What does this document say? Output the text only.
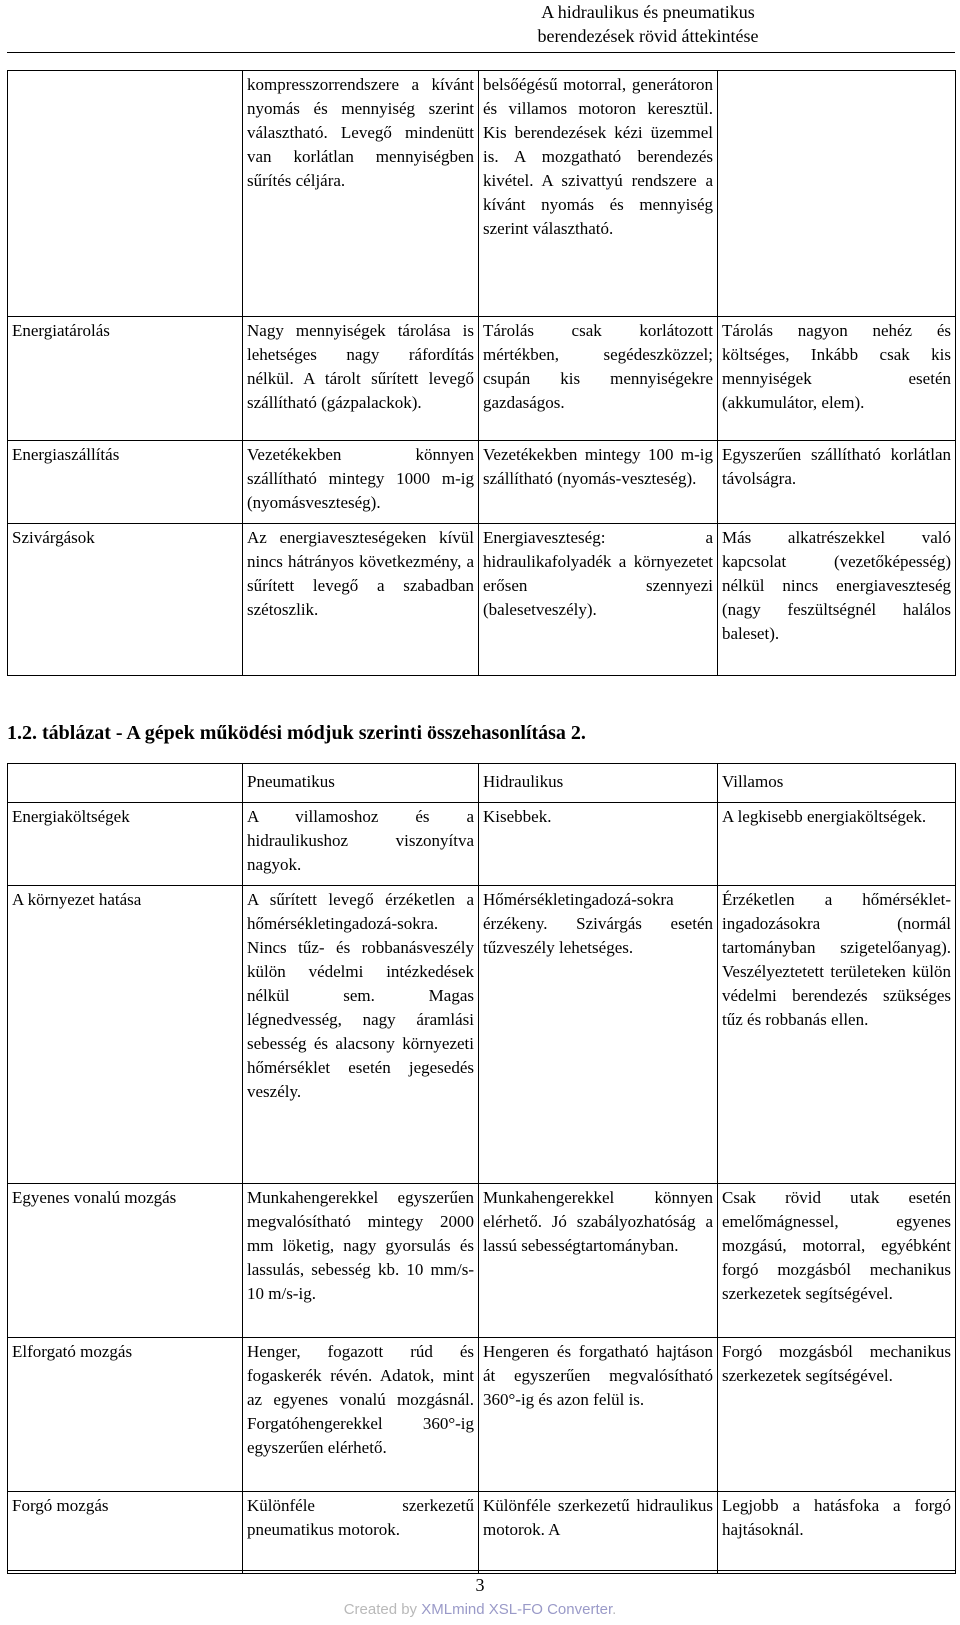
A hidraulikus és pneumatikus
berendezések rövid áttekintése
	kompresszorrendszere a kívánt nyomás és mennyiség szerint választható. Levegő mindenütt van korlátlan mennyiségben sűrítés céljára.	belsőégésű motorral, generátoron és villamos motoron keresztül. Kis berendezések kézi üzemmel is. A mozgatható berendezés kivétel. A szivattyú rendszere a kívánt nyomás és mennyiség szerint választható.	
Energiatárolás	Nagy mennyiségek tárolása is lehetséges nagy ráfordítás nélkül. A tárolt sűrített levegő szállítható (gázpalackok).	Tárolás csak korlátozott mértékben, segédeszközzel; csupán kis mennyiségekre gazdaságos.	Tárolás nagyon nehéz és költséges, Inkább csak kis mennyiségek esetén (akkumulátor, elem).
Energiaszállítás	Vezetékekben könnyen szállítható mintegy 1000 m-ig (nyomásveszteség).	Vezetékekben mintegy 100 m-ig szállítható (nyomás-veszteség).	Egyszerűen szállítható korlátlan távolságra.
Szivárgások	Az energiaveszteségeken kívül nincs hátrányos következmény, a sűrített levegő a szabadban szétoszlik.	Energiaveszteség: a hidraulikafolyadék a környezetet erősen szennyezi (balesetveszély).	Más alkatrészekkel való kapcsolat (vezetőképesség) nélkül nincs energiaveszteség (nagy feszültségnél halálos baleset).
1.2. táblázat - A gépek működési módjuk szerinti összehasonlítása 2.
	Pneumatikus	Hidraulikus	Villamos
Energiaköltségek	A villamoshoz és a hidraulikushoz viszonyítva nagyok.	Kisebbek.	A legkisebb energiaköltségek.
A környezet hatása	A sűrített levegő érzéketlen a hőmérsékletingadozá-sokra. Nincs tűz- és robbanásveszély külön védelmi intézkedések nélkül sem. Magas légnedvesség, nagy áramlási sebesség és alacsony környezeti hőmérséklet esetén jegesedés veszély.	Hőmérsékletingadozá-sokra érzékeny. Szivárgás esetén tűzveszély lehetséges.	Érzéketlen a hőmérséklet-ingadozásokra (normál tartományban szigetelőanyag). Veszélyeztetett területeken külön védelmi berendezés szükséges tűz és robbanás ellen.
Egyenes vonalú mozgás	Munkahengerekkel egyszerűen megvalósítható mintegy 2000 mm löketig, nagy gyorsulás és lassulás, sebesség kb. 10 mm/s- 10 m/s-ig.	Munkahengerekkel könnyen elérhető. Jó szabályozhatóság a lassú sebességtartományban.	Csak rövid utak esetén emelőmágnessel, egyenes mozgású, motorral, egyébként forgó mozgásból mechanikus szerkezetek segítségével.
Elforgató mozgás	Henger, fogazott rúd és fogaskerék révén. Adatok, mint az egyenes vonalú mozgásnál. Forgatóhengerekkel 360°-ig egyszerűen elérhető.	Hengeren és forgatható hajtáson át egyszerűen megvalósítható 360°-ig és azon felül is.	Forgó mozgásból mechanikus szerkezetek segítségével.
Forgó mozgás	Különféle szerkezetű pneumatikus motorok.	Különféle szerkezetű hidraulikus motorok. A	Legjobb a hatásfoka a forgó hajtásoknál.
3
Created by XMLmind XSL-FO Converter.
